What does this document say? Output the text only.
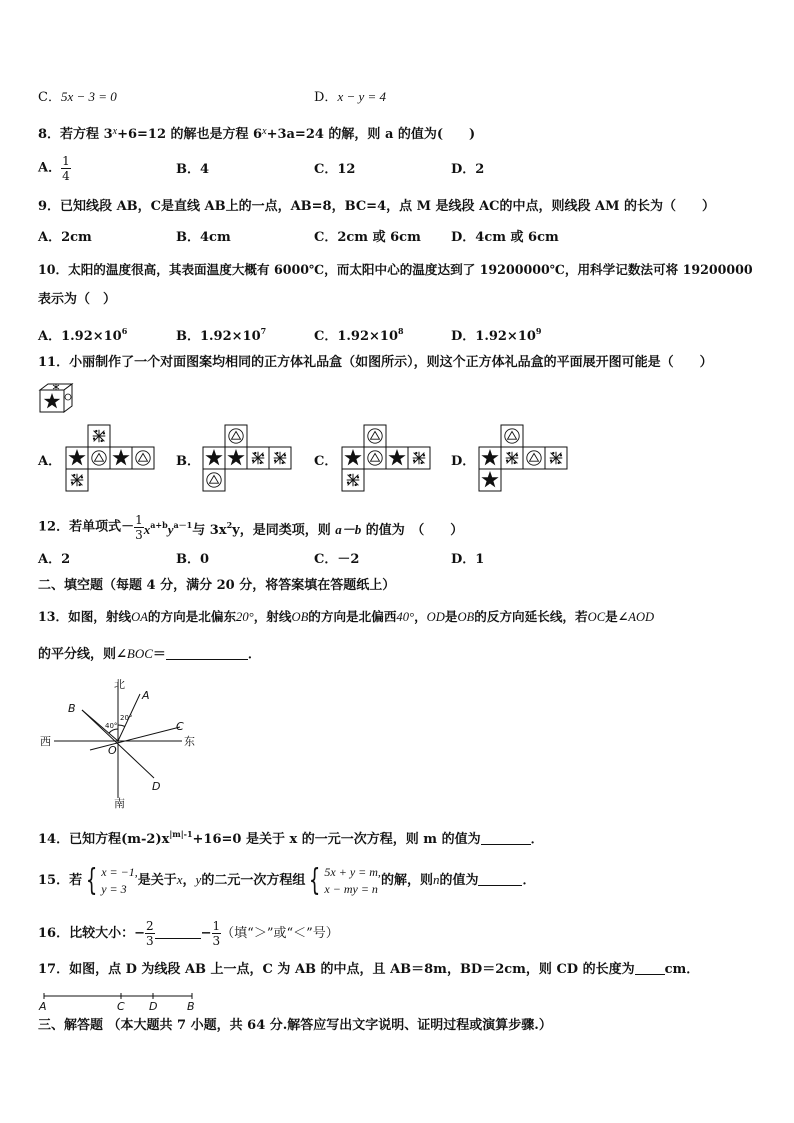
C．5x − 3 = 0	D．x − y = 4
8．若方程 $3^x+6=12$ 的解也是方程 $6^x+3a=24$ 的解，则 a 的值为(　　)
A． $\frac{1}{4}$	B．4	C．12	D．2
9．已知线段 AB，C是直线 AB上的一点，AB=8，BC=4，点 M 是线段 AC的中点，则线段 AM 的长为（　　）
A．2cm	B．4cm	C．2cm 或 6cm D．4cm 或 6cm
10．太阳的温度很高，其表面温度大概有 6000℃，而太阳中心的温度达到了 19200000℃，用科学记数法可将 19200000
表示为（　）
A．$1.92\times 10^6$	B．$1.92\times 10^7$	C．$1.92\times 10^8$	D．$1.92\times 10^9$
11．小丽制作了一个对面图案均相同的正方体礼品盒（如图所示），则这个正方体礼品盒的平面展开图可能是（　　）
A．	B．	C．	D．
12．若单项式－ $\frac{1}{3} x^{a+b}y^{a-1}$与 $3x^2y$，是同类项，则 a－b 的值为　（　　）
A．2	B．0	C．－2	D．1
二、填空题（每题 4 分，满分 20 分，将答案填在答题纸上）
13．如图，射线OA的方向是北偏东20°，射线OB的方向是北偏西40°，OD是OB的反方向延长线，若OC是∠AOD
的平分线，则∠BOC＝	．
北
南
西	东
A
B
C
D
O
20°
40°
14．已知方程$(m-2)x^{|m|-1}+16=0$ 是关于 x 的一元一次方程，则 m 的值为	．
15．若 { x = −1,
y = 3
是关于x，y的二元一次方程组 { 5x + y = m,
x − my = n
的解，则n的值为	．
16．比较大小：− $\frac{2}{3}$	− $\frac{1}{3}$ （填“＞”或“＜”号）
17．如图，点 D 为线段 AB 上一点，C 为 AB 的中点，且 AB＝8m，BD＝2cm，则 CD 的长度为 cm．
A	C D	B
三、解答题 （本大题共 7 小题，共 64 分.解答应写出文字说明、证明过程或演算步骤.）
